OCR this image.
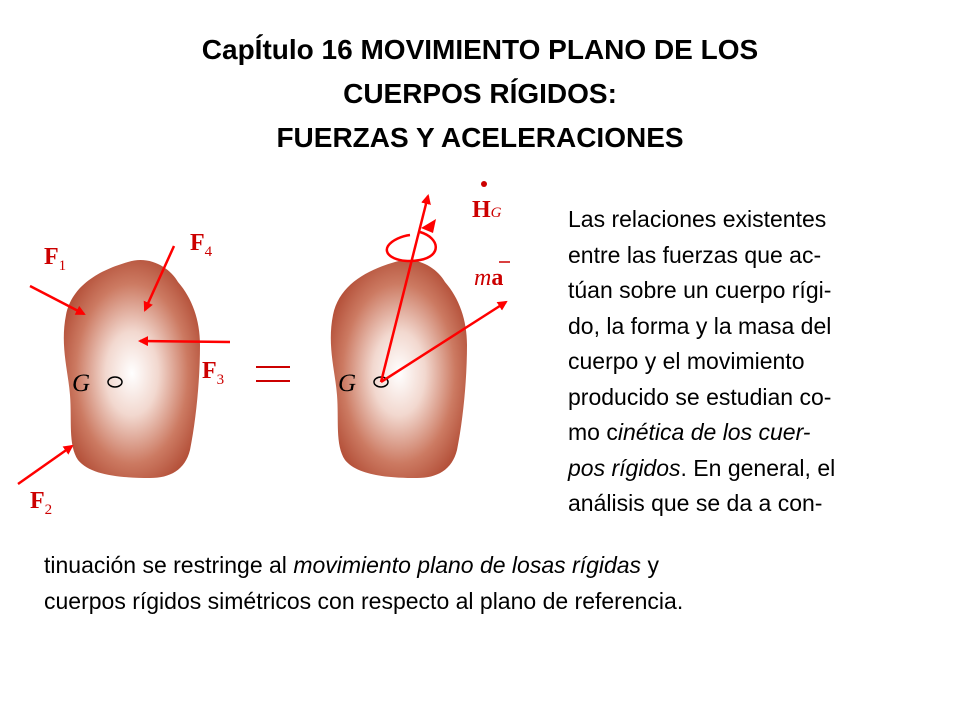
CapÍtulo 16 MOVIMIENTO PLANO DE LOS
CUERPOS RÍGIDOS:
FUERZAS Y ACELERACIONES
G
$F_1$
$F_2$
$F_3$
$F_4$
G
HG
ma
Las relaciones existentes
entre las fuerzas que ac-
túan sobre un cuerpo rígi-
do, la forma y la masa del
cuerpo y el movimiento
producido se estudian co-
mo cinética de los cuer-
pos rígidos. En general, el
análisis que se da a con-
tinuación se restringe al movimiento plano de losas rígidas y
cuerpos rígidos simétricos con respecto al plano de referencia.
